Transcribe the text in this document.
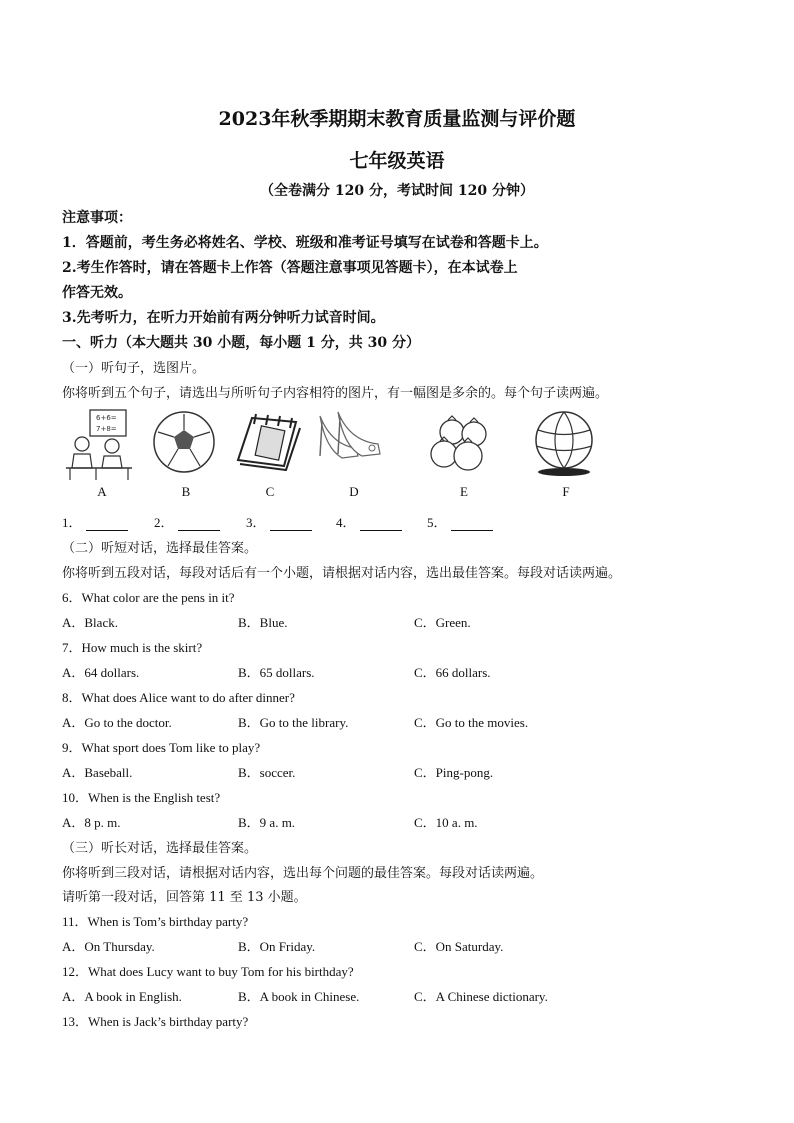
2023年秋季期期末教育质量监测与评价题
七年级英语
（全卷满分 120 分，考试时间 120 分钟）
注意事项：
1．答题前，考生务必将姓名、学校、班级和准考证号填写在试卷和答题卡上。
2.考生作答时，请在答题卡上作答（答题注意事项见答题卡），在本试卷上
作答无效。
3.先考听力，在听力开始前有两分钟听力试音时间。
一、听力（本大题共 30 小题，每小题 1 分，共 30 分）
（一）听句子，选图片。
你将听到五个句子，请选出与所听句子内容相符的图片，有一幅图是多余的。每个句子读两遍。
6+6=
7+8=
A	B	C	D	E	F
1．	2．	3．	4．	5．
（二）听短对话，选择最佳答案。
你将听到五段对话，每段对话后有一个小题，请根据对话内容，选出最佳答案。每段对话读两遍。
6．What color are the pens in it?
A．Black.	B．Blue.	C．Green.
7．How much is the skirt?
A．64 dollars.	B．65 dollars.	C．66 dollars.
8．What does Alice want to do after dinner?
A．Go to the doctor.	B．Go to the library.	C．Go to the movies.
9．What sport does Tom like to play?
A．Baseball.	B．soccer.	C．Ping-pong.
10．When is the English test?
A．8 p. m.	B．9 a. m.	C．10 a. m.
（三）听长对话，选择最佳答案。
你将听到三段对话，请根据对话内容，选出每个问题的最佳答案。每段对话读两遍。
请听第一段对话，回答第 11 至 13 小题。
11．When is Tom’s birthday party?
A．On Thursday.	B．On Friday.	C．On Saturday.
12．What does Lucy want to buy Tom for his birthday?
A．A book in English.	B．A book in Chinese.	C．A Chinese dictionary.
13．When is Jack’s birthday party?
